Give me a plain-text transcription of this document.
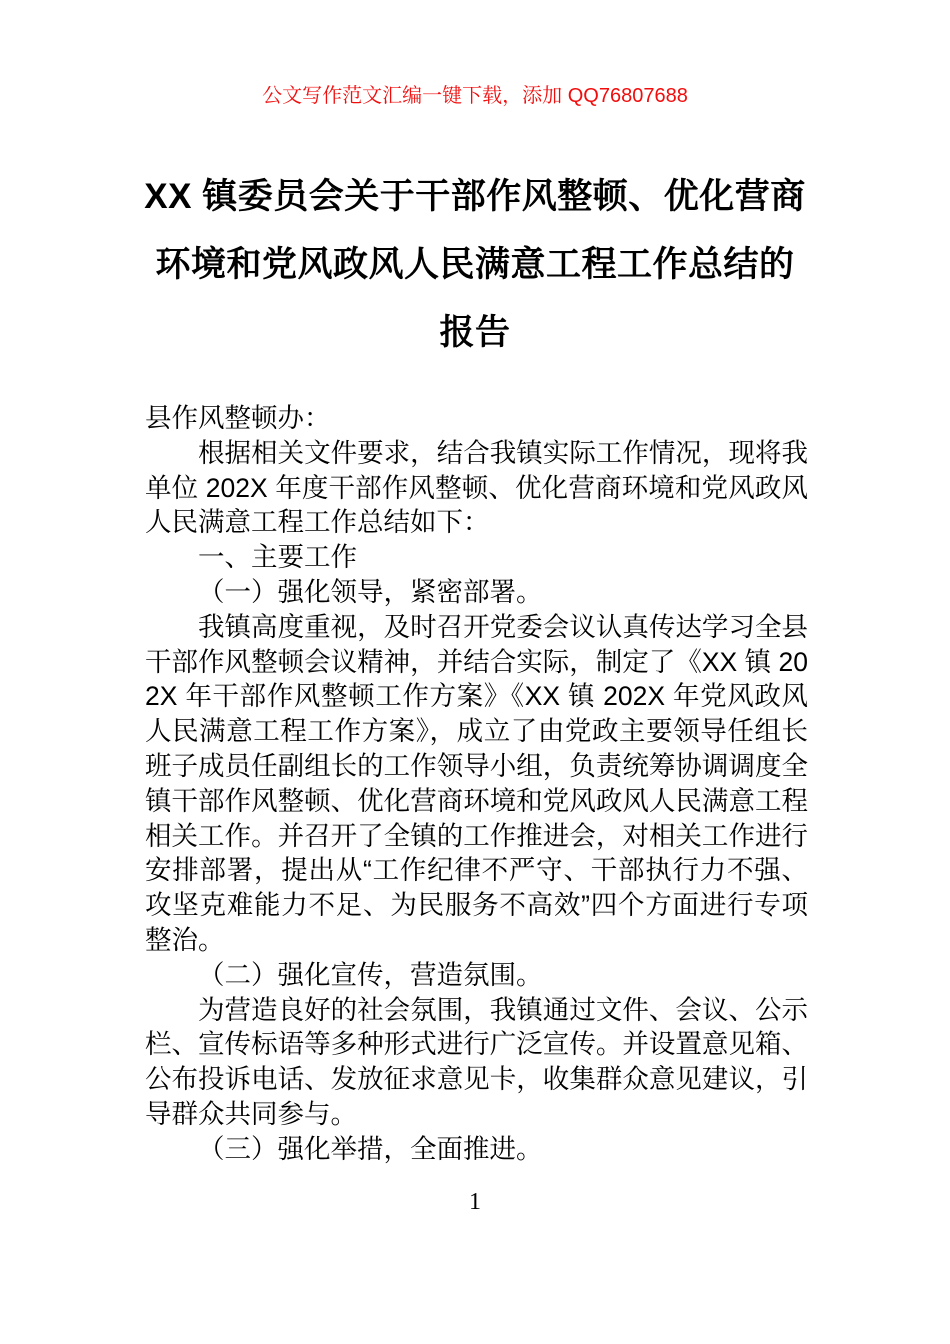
公文写作范文汇编一键下载，添加 QQ76807688
XX 镇委员会关于干部作风整顿、优化营商
环境和党风政风人民满意工程工作总结的
报告

县作风整顿办：

根据相关文件要求，结合我镇实际工作情况，现将我单位 202X 年度干部作风整顿、优化营商环境和党风政风人民满意工程工作总结如下：

一、主要工作

（一）强化领导，紧密部署。

我镇高度重视，及时召开党委会议认真传达学习全县干部作风整顿会议精神，并结合实际，制定了《XX 镇 202X 年干部作风整顿工作方案》《XX 镇 202X 年党风政风人民满意工程工作方案》，成立了由党政主要领导任组长班子成员任副组长的工作领导小组，负责统筹协调调度全镇干部作风整顿、优化营商环境和党风政风人民满意工程相关工作。并召开了全镇的工作推进会，对相关工作进行安排部署，提出从“工作纪律不严守、干部执行力不强、攻坚克难能力不足、为民服务不高效”四个方面进行专项整治。

（二）强化宣传，营造氛围。

为营造良好的社会氛围，我镇通过文件、会议、公示栏、宣传标语等多种形式进行广泛宣传。并设置意见箱、公布投诉电话、发放征求意见卡，收集群众意见建议，引导群众共同参与。

（三）强化举措，全面推进。

1
